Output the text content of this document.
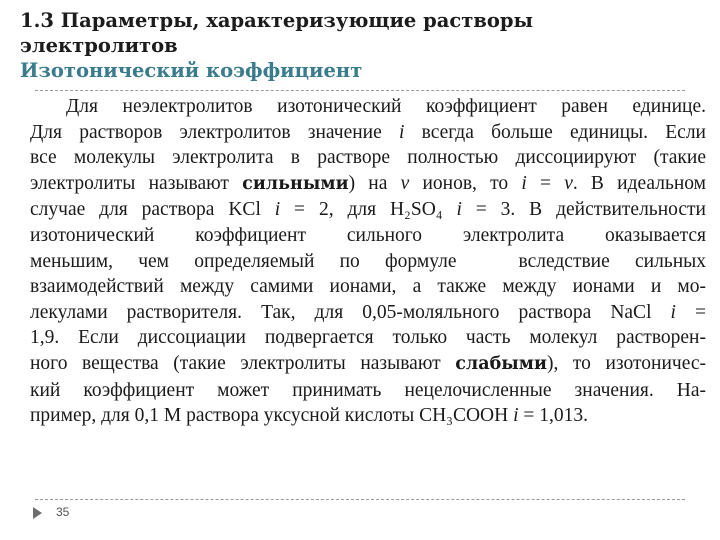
1.3 Параметры, характеризующие растворы
электролитов
Изотонический коэффициент

Для неэлектролитов изотонический коэффициент равен единице.

Для растворов электролитов значение i всегда больше единицы. Если

все молекулы электролита в растворе полностью диссоциируют (такие

электролиты называют сильными) на ν ионов, то i = ν. В идеальном

случае для раствора KCl i = 2, для H₂SO₄ i = 3. В действительности

изотонический коэффициент сильного электролита оказывается

меньшим, чем определяемый по формуле	вследствие сильных

взаимодействий между самими ионами, а также между ионами и мо-

лекулами растворителя. Так, для 0,05-моляльного раствора NaCl i =

1,9. Если диссоциации подвергается только часть молекул растворен-

ного вещества (такие электролиты называют слабыми), то изотоничес-

кий коэффициент может принимать нецелочисленные значения. На-

пример, для 0,1 М раствора уксусной кислоты CH₃COOH i = 1,013.

35
